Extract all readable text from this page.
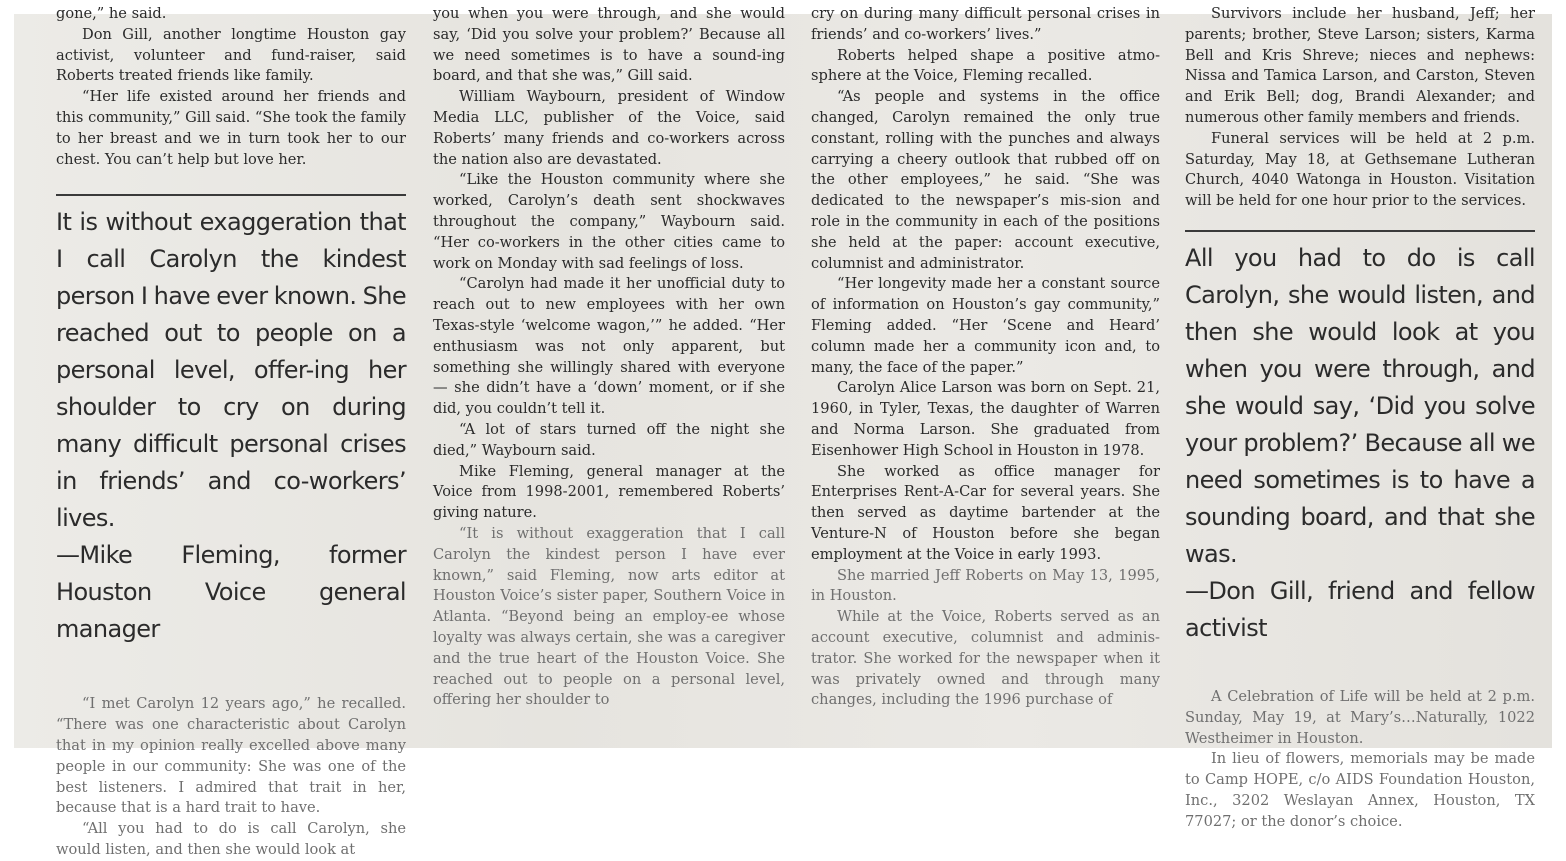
gone,” he said.

Don Gill, another longtime Houston gay activist, volunteer and fund-raiser, said Roberts treated friends like family.

“Her life existed around her friends and this community,” Gill said. “She took the family to her breast and we in turn took her to our chest. You can’t help but love her.

It is without exaggeration that I call Carolyn the kindest person I have ever known. She reached out to people on a personal level, offer-ing her shoulder to cry on during many difficult personal crises in friends’ and co-workers’ lives.

—Mike Fleming, former Houston Voice general manager

“I met Carolyn 12 years ago,” he recalled. “There was one characteristic about Carolyn that in my opinion really excelled above many people in our community: She was one of the best listeners. I admired that trait in her, because that is a hard trait to have.

“All you had to do is call Carolyn, she would listen, and then she would look at

you when you were through, and she would say, ‘Did you solve your problem?’ Because all we need sometimes is to have a sound-ing board, and that she was,” Gill said.

William Waybourn, president of Window Media LLC, publisher of the Voice, said Roberts’ many friends and co-workers across the nation also are devastated.

“Like the Houston community where she worked, Carolyn’s death sent shockwaves throughout the company,” Waybourn said. “Her co-workers in the other cities came to work on Monday with sad feelings of loss.

“Carolyn had made it her unofficial duty to reach out to new employees with her own Texas-style ‘welcome wagon,’” he added. “Her enthusiasm was not only apparent, but something she willingly shared with everyone — she didn’t have a ‘down’ moment, or if she did, you couldn’t tell it.

“A lot of stars turned off the night she died,” Waybourn said.

Mike Fleming, general manager at the Voice from 1998-2001, remembered Roberts’ giving nature.

“It is without exaggeration that I call Carolyn the kindest person I have ever known,” said Fleming, now arts editor at Houston Voice’s sister paper, Southern Voice in Atlanta. “Beyond being an employ-ee whose loyalty was always certain, she was a caregiver and the true heart of the Houston Voice. She reached out to people on a personal level, offering her shoulder to

cry on during many difficult personal crises in friends’ and co-workers’ lives.”

Roberts helped shape a positive atmo-sphere at the Voice, Fleming recalled.

“As people and systems in the office changed, Carolyn remained the only true constant, rolling with the punches and always carrying a cheery outlook that rubbed off on the other employees,” he said. “She was dedicated to the newspaper’s mis-sion and role in the community in each of the positions she held at the paper: account executive, columnist and administrator.

“Her longevity made her a constant source of information on Houston’s gay community,” Fleming added. “Her ‘Scene and Heard’ column made her a community icon and, to many, the face of the paper.”

Carolyn Alice Larson was born on Sept. 21, 1960, in Tyler, Texas, the daughter of Warren and Norma Larson. She graduated from Eisenhower High School in Houston in 1978.

She worked as office manager for Enterprises Rent-A-Car for several years. She then served as daytime bartender at the Venture-N of Houston before she began employment at the Voice in early 1993.

She married Jeff Roberts on May 13, 1995, in Houston.

While at the Voice, Roberts served as an account executive, columnist and adminis-trator. She worked for the newspaper when it was privately owned and through many changes, including the 1996 purchase of

Survivors include her husband, Jeff; her parents; brother, Steve Larson; sisters, Karma Bell and Kris Shreve; nieces and nephews: Nissa and Tamica Larson, and Carston, Steven and Erik Bell; dog, Brandi Alexander; and numerous other family members and friends.

Funeral services will be held at 2 p.m. Saturday, May 18, at Gethsemane Lutheran Church, 4040 Watonga in Houston. Visitation will be held for one hour prior to the services.

All you had to do is call Carolyn, she would listen, and then she would look at you when you were through, and she would say, ‘Did you solve your problem?’ Because all we need sometimes is to have a sounding board, and that she was.

—Don Gill, friend and fellow activist

A Celebration of Life will be held at 2 p.m. Sunday, May 19, at Mary’s…Naturally, 1022 Westheimer in Houston.

In lieu of flowers, memorials may be made to Camp HOPE, c/o AIDS Foundation Houston, Inc., 3202 Weslayan Annex, Houston, TX 77027; or the donor’s choice.
